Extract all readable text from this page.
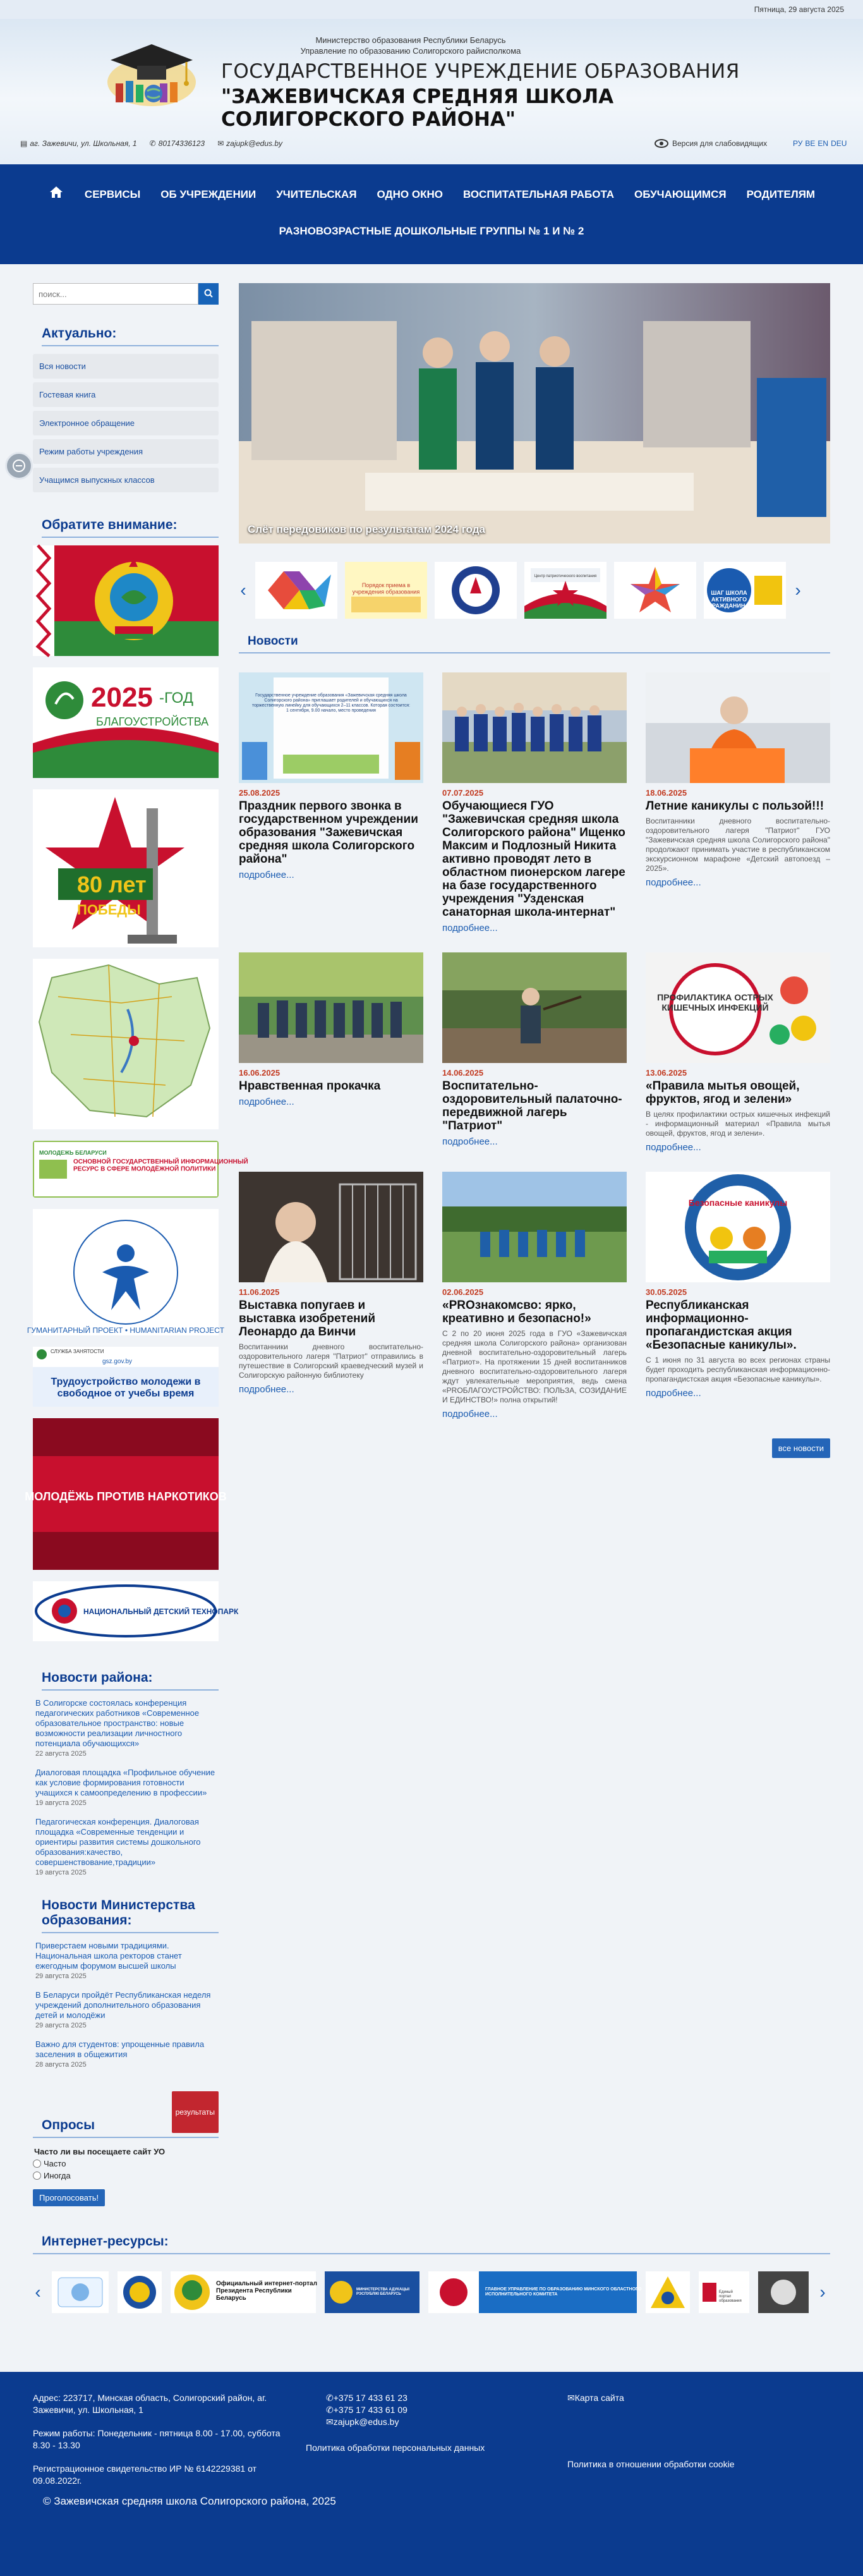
Пятница, 29 августа 2025
Министерство образования Республики Беларусь
Управление по образованию Солигорского райисполкома
ГОСУДАРСТВЕННОЕ УЧРЕЖДЕНИЕ ОБРАЗОВАНИЯ
"ЗАЖЕВИЧСКАЯ СРЕДНЯЯ ШКОЛА СОЛИГОРСКОГО РАЙОНА"
▤ аг. Зажевичи, ул. Школьная, 1 ✆ 80174336123 ✉ zajupk@edus.by	Версия для слабовидящих	РУ BE EN DEU
СЕРВИСЫ	ОБ УЧРЕЖДЕНИИ	УЧИТЕЛЬСКАЯ	ОДНО ОКНО	ВОСПИТАТЕЛЬНАЯ РАБОТА	ОБУЧАЮЩИМСЯ	РОДИТЕЛЯМ
РАЗНОВОЗРАСТНЫЕ ДОШКОЛЬНЫЕ ГРУППЫ № 1 И № 2
поиск...
Актуально:
Вся новости
Гостевая книга
Электронное обращение
Режим работы учреждения
Учащимся выпускных классов
Обратите внимание:
2025 -ГОД
БЛАГОУСТРОЙСТВА
80 лет
ПОБЕДЫ
МОЛОДЕЖЬ БЕЛАРУСИ
ОСНОВНОЙ ГОСУДАРСТВЕННЫЙ ИНФОРМАЦИОННЫЙ РЕСУРС В СФЕРЕ МОЛОДЁЖНОЙ ПОЛИТИКИ
ГУМАНИТАРНЫЙ ПРОЕКТ • HUMANITARIAN PROJECT
СЛУЖБА ЗАНЯТОСТИ
gsz.gov.by
Трудоустройство молодежи в свободное от учебы время
МОЛОДЁЖЬ ПРОТИВ НАРКОТИКОВ
НАЦИОНАЛЬНЫЙ ДЕТСКИЙ ТЕХНОПАРК
Новости района:
В Солигорске состоялась конференция педагогических работников «Современное образовательное пространство: новые возможности реализации личностного потенциала обучающихся»
22 августа 2025
Диалоговая площадка «Профильное обучение как условие формирования готовности учащихся к самоопределению в профессии»
19 августа 2025
Педагогическая конференция. Диалоговая площадка «Современные тенденции и ориентиры развития системы дошкольного образования:качество, совершенствование,традиции»
19 августа 2025
Новости Министерства образования:
Приверстаем новыми традициями. Национальная школа ректоров станет ежегодным форумом высшей школы
29 августа 2025
В Беларуси пройдёт Республиканская неделя учреждений дополнительного образования детей и молодёжи
29 августа 2025
Важно для студентов: упрощенные правила заселения в общежития
28 августа 2025
Опросы
результаты
Часто ли вы посещаете сайт УО
Часто
Иногда
Проголосовать!
Слёт передовиков по результатам 2024 года
‹	Порядок приема в учреждения образования
Центр патриотического воспитания
ШАГ ШКОЛА АКТИВНОГО ГРАЖДАНИНА
›
Новости
Государственное учреждение образования «Зажевичская средняя школа Солигорского района» приглашает родителей и обучающихся на торжественную линейку для обучающихся 2–11 классов. Которая состоится: 1 сентября, 9.00 начало, место проведения
25.08.2025
Праздник первого звонка в государственном учреждении образования "Зажевичская средняя школа Солигорского района"
подробнее...
07.07.2025
Обучающиеся ГУО "Зажевичская средняя школа Солигорского района" Ищенко Максим и Подлозный Никита активно проводят лето в областном пионерском лагере на базе государственного учреждения "Узденская санаторная школа-интернат"
подробнее...
18.06.2025
Летние каникулы с пользой!!!
Воспитанники дневного воспитательно-оздоровительного лагеря "Патриот" ГУО "Зажевичская средняя школа Солигорского района" продолжают принимать участие в республиканском экскурсионном марафоне «Детский автопоезд – 2025».
подробнее...
16.06.2025
Нравственная прокачка
подробнее...
14.06.2025
Воспитательно-оздоровительный палаточно-передвижной лагерь "Патриот"
подробнее...
ПРОФИЛАКТИКА ОСТРЫХ КИШЕЧНЫХ ИНФЕКЦИЙ
13.06.2025
«Правила мытья овощей, фруктов, ягод и зелени»
В целях профилактики острых кишечных инфекций - информационный материал «Правила мытья овощей, фруктов, ягод и зелени».
подробнее...
11.06.2025
Выставка попугаев и выставка изобретений Леонардо да Винчи
Воспитанники дневного воспитательно-оздоровительного лагеря "Патриот" отправились в путешествие в Солигорский краеведческий музей и Солигорскую районную библиотеку
подробнее...
02.06.2025
«PROзнакомсво: ярко, креативно и безопасно!»
С 2 по 20 июня 2025 года в ГУО «Зажевичская средняя школа Солигорского района» организован дневной воспитательно-оздоровительный лагерь «Патриот». На протяжении 15 дней воспитанников дневного воспитательно-оздоровительного лагеря ждут увлекательные мероприятия, ведь смена «PROБЛАГОУСТРОЙСТВО: ПОЛЬЗА, СОЗИДАНИЕ И ЕДИНСТВО!» полна открытий!
подробнее...
Безопасные каникулы
30.05.2025
Республиканская информационно-пропагандистская акция «Безопасные каникулы».
С 1 июня по 31 августа во всех регионах страны будет проходить республиканская информационно-пропагандистская акция «Безопасные каникулы».
подробнее...
все новости
Интернет-ресурсы:
‹	Официальный интернет-портал Президента Республики Беларусь
МИНИСТЕРСТВА АДУКАЦЫІ РЭСПУБЛІКІ БЕЛАРУСЬ
ГЛАВНОЕ УПРАВЛЕНИЕ ПО ОБРАЗОВАНИЮ МИНСКОГО ОБЛАСТНОГО ИСПОЛНИТЕЛЬНОГО КОМИТЕТА
Единый портал образования	›
Адрес: 223717, Минская область, Солигорский район, аг. Зажевичи, ул. Школьная, 1
Режим работы: Понедельник - пятница 8.00 - 17.00, суббота 8.30 - 13.30
Регистрационное свидетельство ИР № 6142229381 от 09.08.2022г.
✆+375 17 433 61 23
✆+375 17 433 61 09
✉zajupk@edus.by
Политика обработки персональных данных
✉Карта сайта
Политика в отношении обработки cookie
© Зажевичская средняя школа Солигорского района, 2025
